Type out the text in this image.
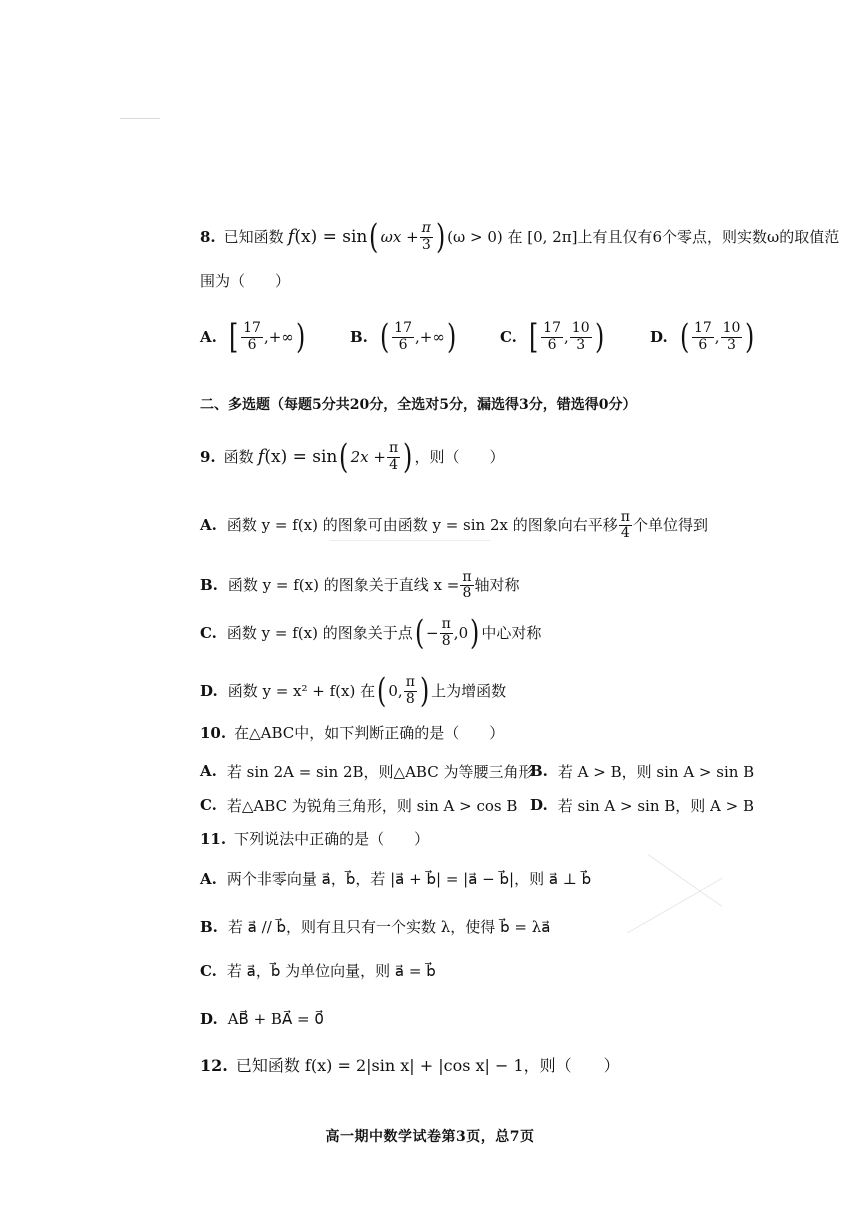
8. 已知函数 f (x) = sin ( $\omega x + \frac{\pi}{3}$ ) (ω > 0) 在 [0, 2π] 上有且仅有6个零点，则实数ω的取值范
围为（　　）
A. [ $\frac{17}{6}$ ,+∞ )	B. ( $\frac{17}{6}$ ,+∞ )	C. [ $\frac{17}{6}$ , $\frac{10}{3}$ )	D. ( $\frac{17}{6}$ , $\frac{10}{3}$ )
二、多选题（每题5分共20分，全选对5分，漏选得3分，错选得0分）
9. 函数 f (x) = sin ( $2x + \frac{\pi}{4}$ ) ，则（　　）
A. 函数 y = f(x) 的图象可由函数 y = sin 2x 的图象向右平移 $\frac{\pi}{4}$ 个单位得到
B. 函数 y = f(x) 的图象关于直线 $x = \frac{\pi}{8}$ 轴对称
C. 函数 y = f(x) 的图象关于点 ( − $\frac{\pi}{8} ,0$ ) 中心对称
D. 函数 y = x² + f(x) 在 ( 0, $\frac{\pi}{8}$ ) 上为增函数
10. 在△ABC中，如下判断正确的是（　　）
A. 若 sin 2A = sin 2B，则△ABC 为等腰三角形
B. 若 A > B，则 sin A > sin B
C. 若△ABC 为锐角三角形，则 sin A > cos B D. 若 sin A > sin B，则 A > B
11. 下列说法中正确的是（　　）
A. 两个非零向量 a⃗，b⃗，若 |a⃗ + b⃗| = |a⃗ − b⃗|，则 a⃗ ⊥ b⃗
B. 若 a⃗ // b⃗，则有且只有一个实数 λ，使得 b⃗ = λa⃗
C. 若 a⃗，b⃗ 为单位向量，则 a⃗ = b⃗
D. AB⃗ + BA⃗ = 0⃗
12. 已知函数 f(x) = 2|sin x| + |cos x| − 1，则（　　）
高一期中数学试卷第3页，总7页
